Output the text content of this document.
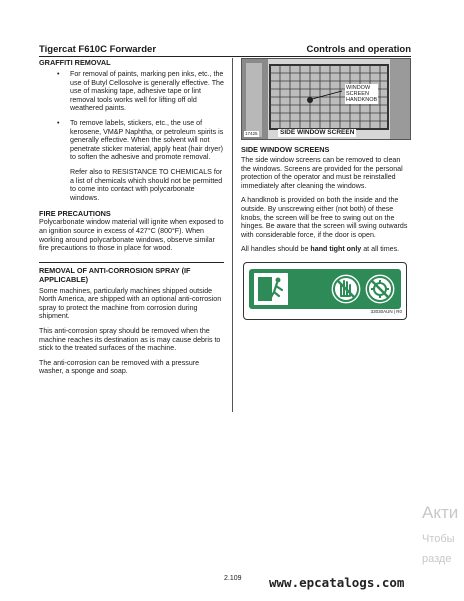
Tigercat F610C Forwarder	Controls and operation
GRAFFITI REMOVAL
• For removal of paints, marking pen inks, etc., the use of Butyl Cellosolve is generally effective. The use of masking tape, adhesive tape or lint removal tools works well for lifting off old weathered paints.
• To remove labels, stickers, etc., the use of kerosene, VM&P Naphtha, or petroleum spirits is generally effective. When the solvent will not penetrate sticker material, apply heat (hair dryer) to soften the adhesive and promote removal.
Refer also to RESISTANCE TO CHEMICALS for a list of chemicals which should not be permitted to come into contact with polycarbonate windows.
FIRE PRECAUTIONS
Polycarbonate window material will ignite when exposed to an ignition source in excess of 427°C (800°F). When working around polycarbonate windows, observe similar fire precautions to those in place for wood.
REMOVAL OF ANTI-CORROSION SPRAY (IF APPLICABLE)
Some machines, particularly machines shipped outside North America, are shipped with an optional anti-corrosion spray to protect the machine from corrosion during shipment.
This anti-corrosion spray should be removed when the machine reaches its destination as is may cause debris to stick to the treated surfaces of the machine.
The anti-corrosion can be removed with a pressure washer, a sponge and soap.
WINDOW
SCREEN
HANDKNOB
17425	SIDE WINDOW SCREEN
SIDE WINDOW SCREENS
The side window screens can be removed to clean the windows. Screens are provided for the personal protection of the operator and must be reinstalled immediately after cleaning the windows.
A handknob is provided on both the inside and the outside. By unscrewing either (not both) of these knobs, the screen will be free to swing out on the hinges. Be aware that the screen will swing outwards with considerable force, if the door is open.
All handles should be hand tight only at all times.
33030AUN | R0
2.109 www.epcatalogs.com
Акти
Чтобы
разде
